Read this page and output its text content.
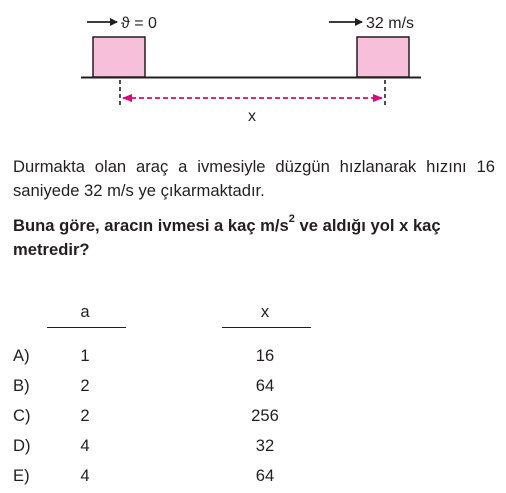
ϑ = 0	32 m/s
x

Durmakta olan araç a ivmesiyle düzgün hızlanarak hızını 16 saniyede 32 m/s ye çıkarmaktadır.

Buna göre, aracın ivmesi a kaç $m/s^2$ ve aldığı yol x kaç metredir?

a	x
A)	1	16
B)	2	64
C)	2	256
D)	4	32
E)	4	64
